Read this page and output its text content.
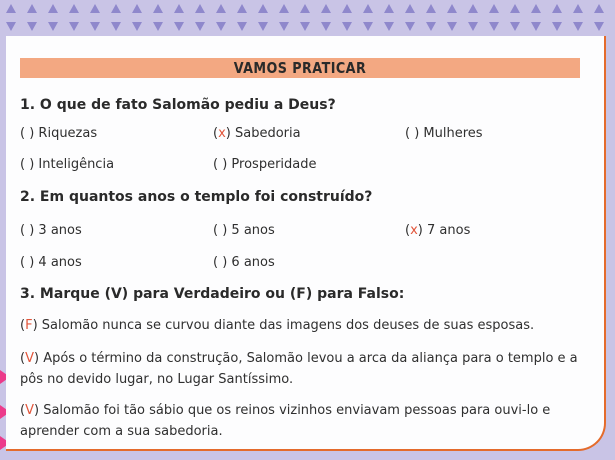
VAMOS PRATICAR
1. O que de fato Salomão pediu a Deus?
( ) Riquezas	(x) Sabedoria	( ) Mulheres
( ) Inteligência	( ) Prosperidade
2. Em quantos anos o templo foi construído?
( ) 3 anos	( ) 5 anos	(x) 7 anos
( ) 4 anos	( ) 6 anos
3. Marque (V) para Verdadeiro ou (F) para Falso:
(F) Salomão nunca se curvou diante das imagens dos deuses de suas esposas.
(V) Após o término da construção, Salomão levou a arca da aliança para o templo e a pôs no devido lugar, no Lugar Santíssimo.
(V) Salomão foi tão sábio que os reinos vizinhos enviavam pessoas para ouvi-lo e aprender com a sua sabedoria.
